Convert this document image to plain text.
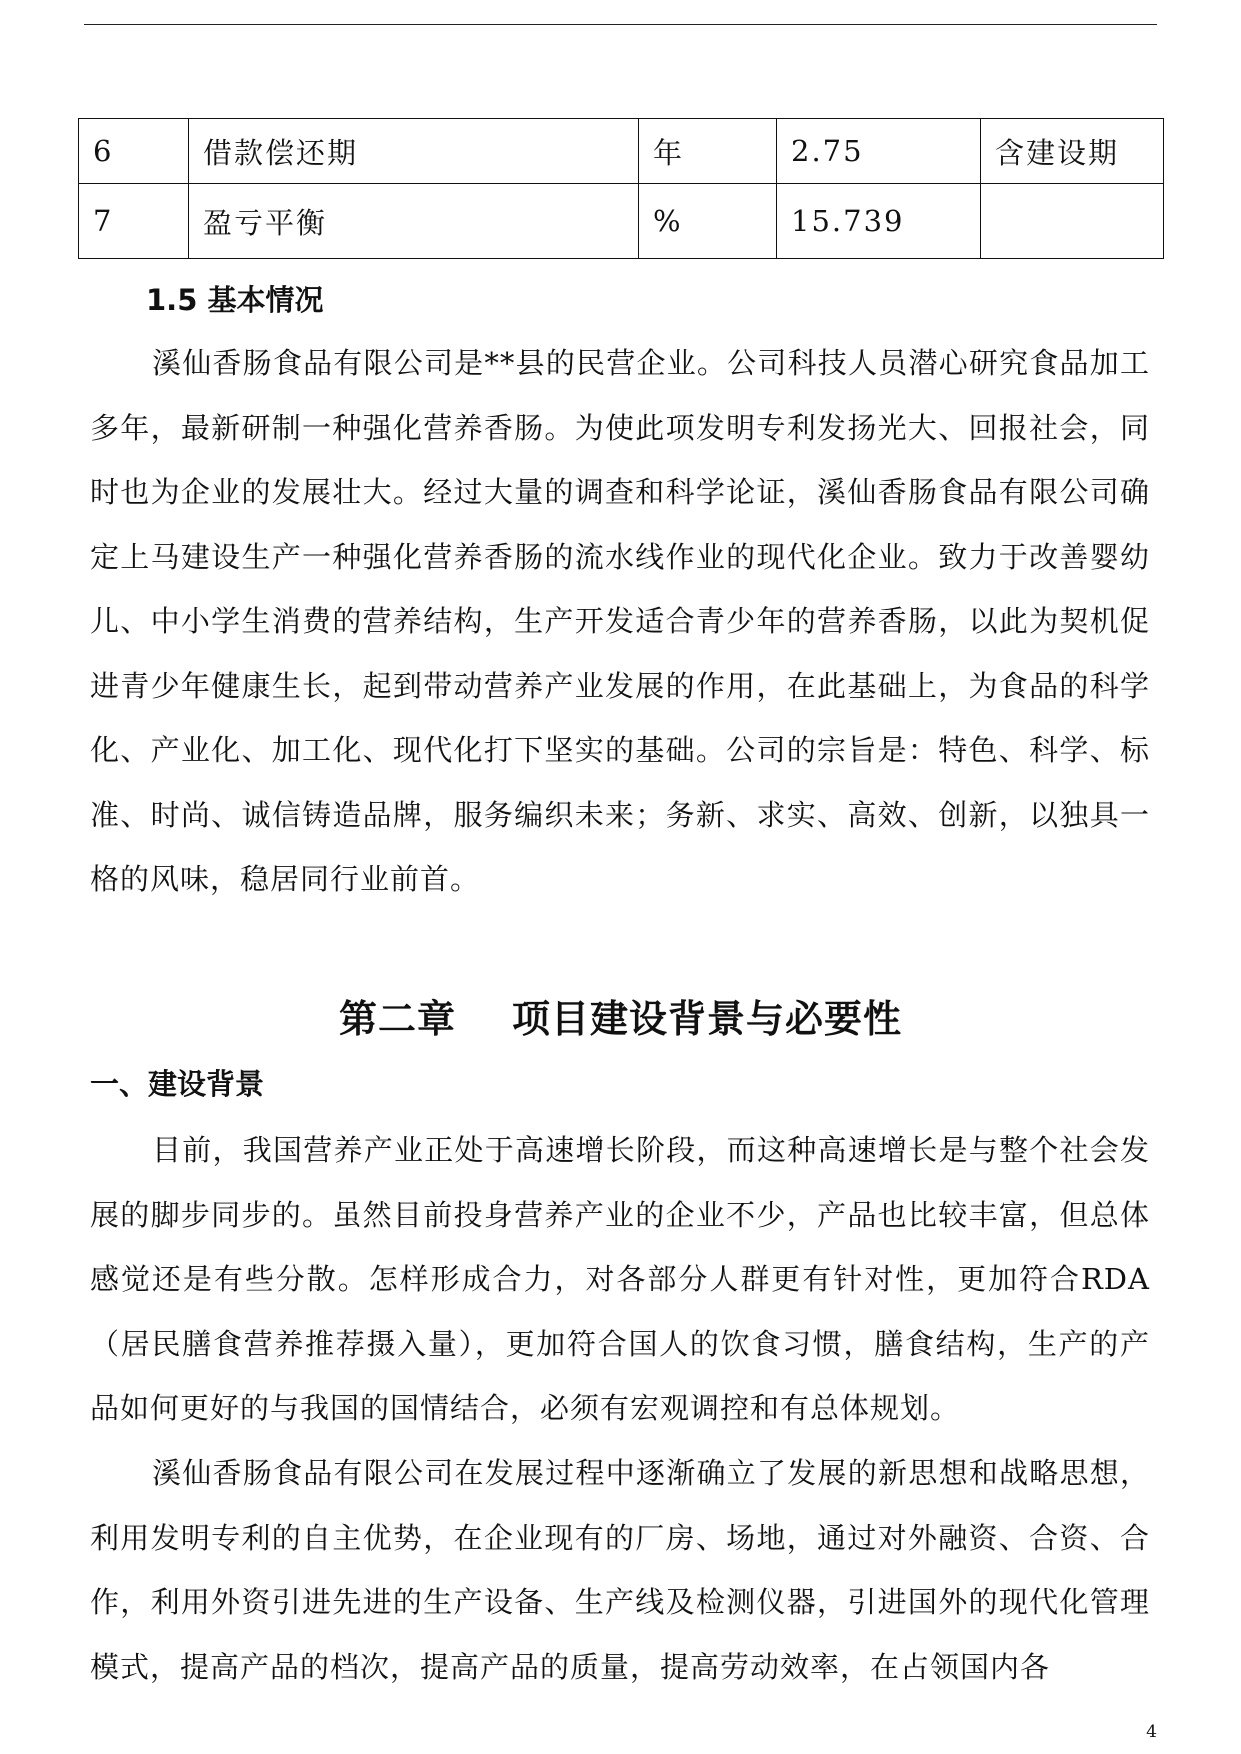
6	借款偿还期	年	2.75	含建设期
7	盈亏平衡	%	15.739	
1.5 基本情况

溪仙香肠食品有限公司是**县的民营企业。公司科技人员潜心研究食品加工多年，最新研制一种强化营养香肠。为使此项发明专利发扬光大、回报社会，同时也为企业的发展壮大。经过大量的调查和科学论证，溪仙香肠食品有限公司确定上马建设生产一种强化营养香肠的流水线作业的现代化企业。致力于改善婴幼儿、中小学生消费的营养结构，生产开发适合青少年的营养香肠，以此为契机促进青少年健康生长，起到带动营养产业发展的作用，在此基础上，为食品的科学化、产业化、加工化、现代化打下坚实的基础。公司的宗旨是：特色、科学、标准、时尚、诚信铸造品牌，服务编织未来；务新、求实、高效、创新，以独具一格的风味，稳居同行业前首。

第二章 项目建设背景与必要性
一、建设背景

目前，我国营养产业正处于高速增长阶段，而这种高速增长是与整个社会发展的脚步同步的。虽然目前投身营养产业的企业不少，产品也比较丰富，但总体感觉还是有些分散。怎样形成合力，对各部分人群更有针对性，更加符合RDA（居民膳食营养推荐摄入量），更加符合国人的饮食习惯，膳食结构，生产的产品如何更好的与我国的国情结合，必须有宏观调控和有总体规划。

溪仙香肠食品有限公司在发展过程中逐渐确立了发展的新思想和战略思想，利用发明专利的自主优势，在企业现有的厂房、场地，通过对外融资、合资、合作，利用外资引进先进的生产设备、生产线及检测仪器，引进国外的现代化管理模式，提高产品的档次，提高产品的质量，提高劳动效率，在占领国内各

4
